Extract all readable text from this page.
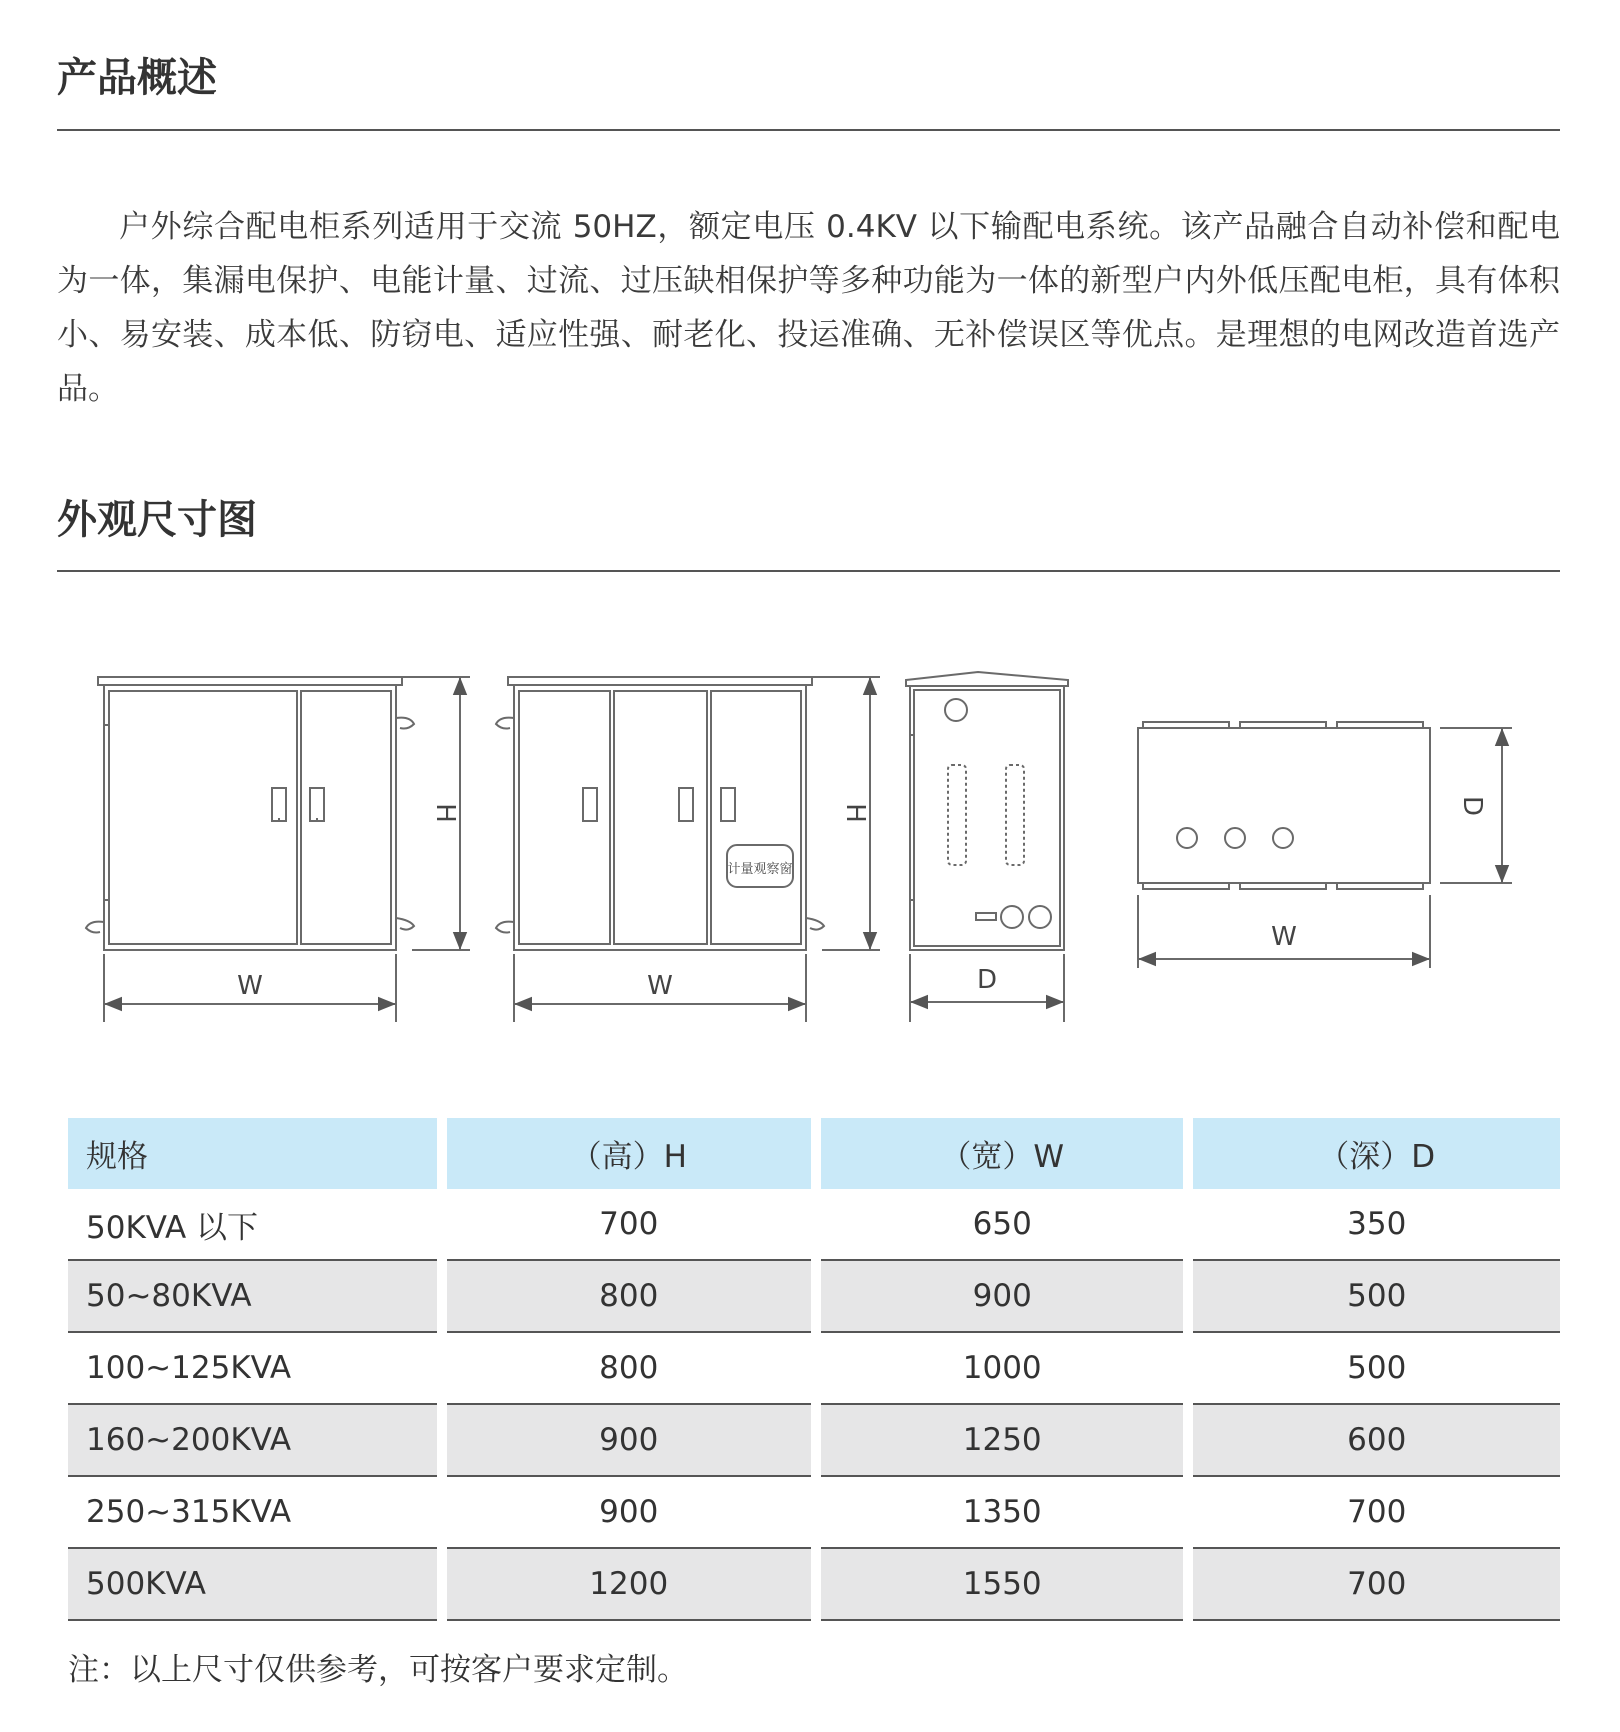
产品概述

户外综合配电柜系列适用于交流 50HZ，额定电压 0.4KV 以下输配电系统。该产品融合自动补偿和配电为一体，集漏电保护、电能计量、过流、过压缺相保护等多种功能为一体的新型户内外低压配电柜，具有体积小、易安装、成本低、防窃电、适应性强、耐老化、投运准确、无补偿误区等优点。是理想的电网改造首选产品。

外观尺寸图
W
H
W
H
计量观察窗
D
D
W
规格	（高）H	（宽）W	（深）D
50KVA 以下	700	650	350
50~80KVA	800	900	500
100~125KVA	800	1000	500
160~200KVA	900	1250	600
250~315KVA	900	1350	700
500KVA	1200	1550	700

注：以上尺寸仅供参考，可按客户要求定制。
